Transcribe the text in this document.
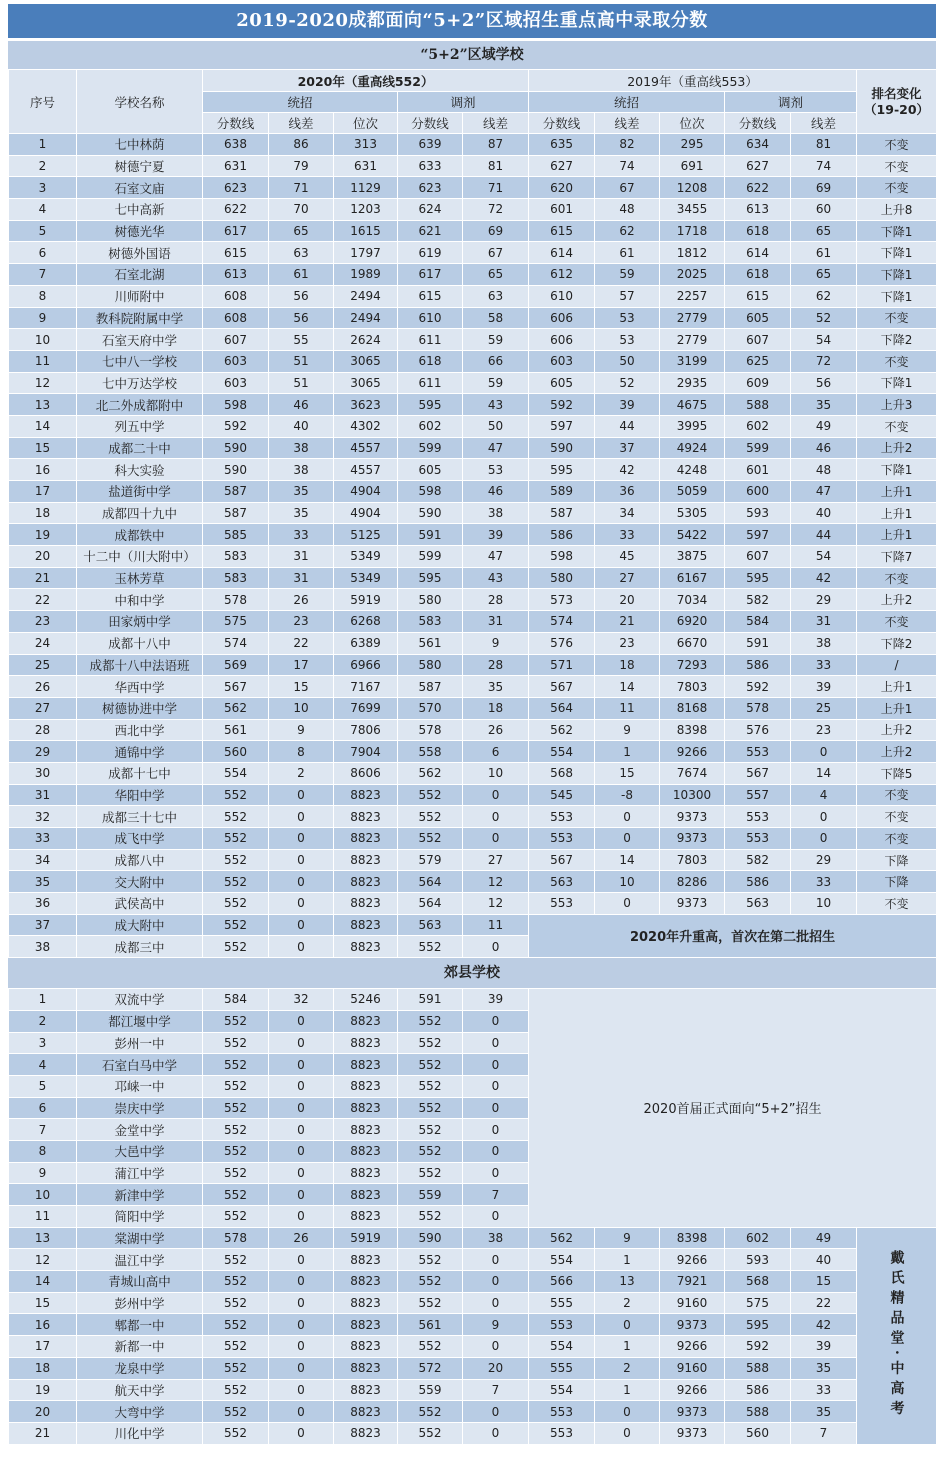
2019-2020成都面向“5+2”区域招生重点高中录取分数
“5+2”区域学校
序号	学校名称	2020年（重高线552）					2019年（重高线553）					排名变化（19-20）
		统招			调剂		统招			调剂		
		分数线	线差	位次	分数线	线差	分数线	线差	位次	分数线	线差	
1	七中林荫	638	86	313	639	87	635	82	295	634	81	不变
2	树德宁夏	631	79	631	633	81	627	74	691	627	74	不变
3	石室文庙	623	71	1129	623	71	620	67	1208	622	69	不变
4	七中高新	622	70	1203	624	72	601	48	3455	613	60	上升8
5	树德光华	617	65	1615	621	69	615	62	1718	618	65	下降1
6	树德外国语	615	63	1797	619	67	614	61	1812	614	61	下降1
7	石室北湖	613	61	1989	617	65	612	59	2025	618	65	下降1
8	川师附中	608	56	2494	615	63	610	57	2257	615	62	下降1
9	教科院附属中学	608	56	2494	610	58	606	53	2779	605	52	不变
10	石室天府中学	607	55	2624	611	59	606	53	2779	607	54	下降2
11	七中八一学校	603	51	3065	618	66	603	50	3199	625	72	不变
12	七中万达学校	603	51	3065	611	59	605	52	2935	609	56	下降1
13	北二外成都附中	598	46	3623	595	43	592	39	4675	588	35	上升3
14	列五中学	592	40	4302	602	50	597	44	3995	602	49	不变
15	成都二十中	590	38	4557	599	47	590	37	4924	599	46	上升2
16	科大实验	590	38	4557	605	53	595	42	4248	601	48	下降1
17	盐道街中学	587	35	4904	598	46	589	36	5059	600	47	上升1
18	成都四十九中	587	35	4904	590	38	587	34	5305	593	40	上升1
19	成都铁中	585	33	5125	591	39	586	33	5422	597	44	上升1
20	十二中（川大附中）	583	31	5349	599	47	598	45	3875	607	54	下降7
21	玉林芳草	583	31	5349	595	43	580	27	6167	595	42	不变
22	中和中学	578	26	5919	580	28	573	20	7034	582	29	上升2
23	田家炳中学	575	23	6268	583	31	574	21	6920	584	31	不变
24	成都十八中	574	22	6389	561	9	576	23	6670	591	38	下降2
25	成都十八中法语班	569	17	6966	580	28	571	18	7293	586	33	/
26	华西中学	567	15	7167	587	35	567	14	7803	592	39	上升1
27	树德协进中学	562	10	7699	570	18	564	11	8168	578	25	上升1
28	西北中学	561	9	7806	578	26	562	9	8398	576	23	上升2
29	通锦中学	560	8	7904	558	6	554	1	9266	553	0	上升2
30	成都十七中	554	2	8606	562	10	568	15	7674	567	14	下降5
31	华阳中学	552	0	8823	552	0	545	-8	10300	557	4	不变
32	成都三十七中	552	0	8823	552	0	553	0	9373	553	0	不变
33	成飞中学	552	0	8823	552	0	553	0	9373	553	0	不变
34	成都八中	552	0	8823	579	27	567	14	7803	582	29	下降
35	交大附中	552	0	8823	564	12	563	10	8286	586	33	下降
36	武侯高中	552	0	8823	564	12	553	0	9373	563	10	不变
37	成大附中	552	0	8823	563	11	2020年升重高，首次在第二批招生					
38	成都三中	552	0	8823	552	0						
郊县学校
1	双流中学	584	32	5246	591	39	2020首届正式面向“5+2”招生					
2	都江堰中学	552	0	8823	552	0						
3	彭州一中	552	0	8823	552	0						
4	石室白马中学	552	0	8823	552	0						
5	邛崃一中	552	0	8823	552	0						
6	崇庆中学	552	0	8823	552	0						
7	金堂中学	552	0	8823	552	0						
8	大邑中学	552	0	8823	552	0						
9	蒲江中学	552	0	8823	552	0						
10	新津中学	552	0	8823	559	7						
11	简阳中学	552	0	8823	552	0						
13	棠湖中学	578	26	5919	590	38	562	9	8398	602	49	戴氏精品堂·中高考
12	温江中学	552	0	8823	552	0	554	1	9266	593	40	
14	青城山高中	552	0	8823	552	0	566	13	7921	568	15	
15	彭州中学	552	0	8823	552	0	555	2	9160	575	22	
16	郫都一中	552	0	8823	561	9	553	0	9373	595	42	
17	新都一中	552	0	8823	552	0	554	1	9266	592	39	
18	龙泉中学	552	0	8823	572	20	555	2	9160	588	35	
19	航天中学	552	0	8823	559	7	554	1	9266	586	33	
20	大弯中学	552	0	8823	552	0	553	0	9373	588	35	
21	川化中学	552	0	8823	552	0	553	0	9373	560	7	
